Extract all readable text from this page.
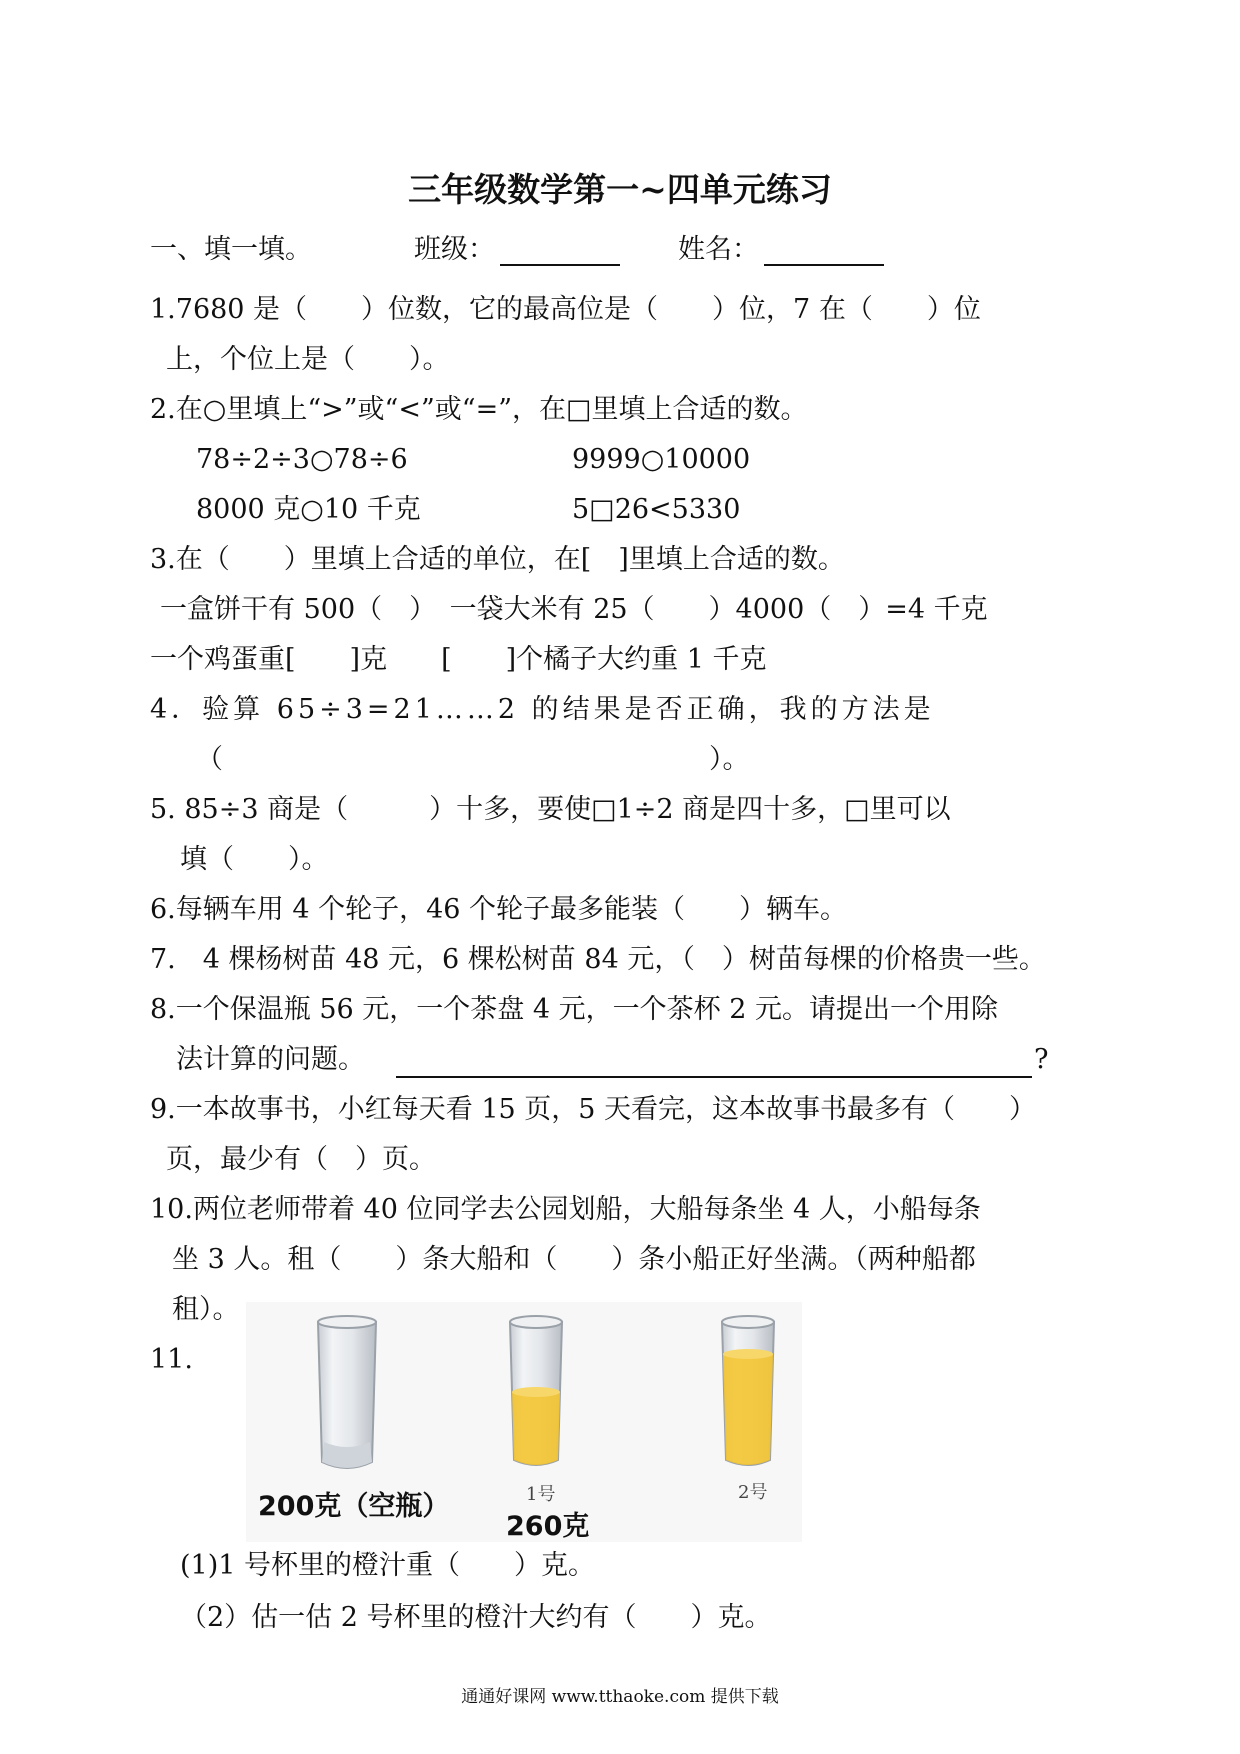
三年级数学第一~四单元练习
一、填一填。	班级：	姓名：
1.7680 是（　　）位数，它的最高位是（　　）位，7 在（　　）位
上，个位上是（　　）。
2.在○里填上“>”或“<”或“=”，在□里填上合适的数。
78÷2÷3○78÷6	9999○10000
8000 克○10 千克	5□26<5330
3.在（　　）里填上合适的单位，在[　]里填上合适的数。
一盒饼干有 500（　）　一袋大米有 25（　　）4000（　）=4 千克
一个鸡蛋重[　　]克　　[　　]个橘子大约重 1 千克
4．验算 65÷3=21……2 的结果是否正确，我的方法是
（　　　　　　　　　　　　　　　　　　）。
5. 85÷3 商是（　　　）十多，要使□1÷2 商是四十多，□里可以
填（　　）。
6.每辆车用 4 个轮子，46 个轮子最多能装（　　）辆车。
7.　4 棵杨树苗 48 元，6 棵松树苗 84 元，（　）树苗每棵的价格贵一些。
8.一个保温瓶 56 元，一个茶盘 4 元，一个茶杯 2 元。请提出一个用除
法计算的问题。	?
9.一本故事书，小红每天看 15 页，5 天看完，这本故事书最多有（　　）
页，最少有（　）页。
10.两位老师带着 40 位同学去公园划船，大船每条坐 4 人，小船每条
坐 3 人。租（　　）条大船和（　　）条小船正好坐满。（两种船都
租）。
11.
200克（空瓶）	1号
260克
2号
(1)1 号杯里的橙汁重（　　）克。
（2）估一估 2 号杯里的橙汁大约有（　　）克。
通通好课网 www.tthaoke.com 提供下载
